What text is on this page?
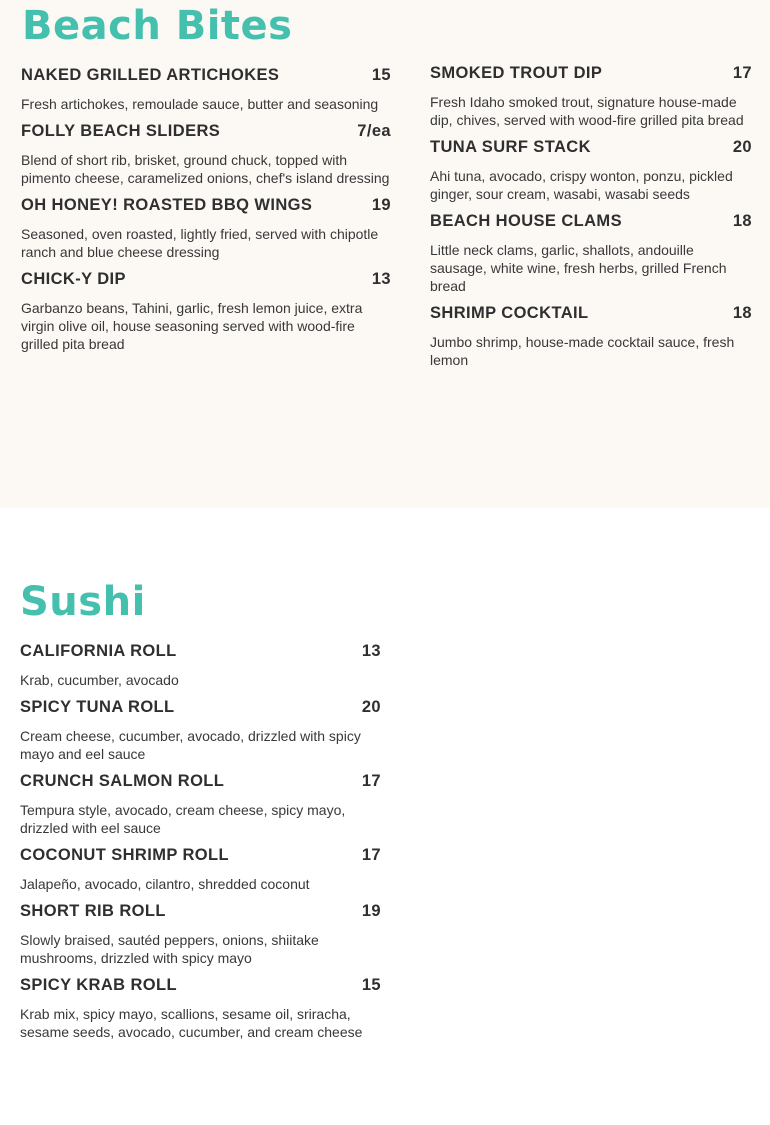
Beach Bites
NAKED GRILLED ARTICHOKES	15
Fresh artichokes, remoulade sauce, butter and seasoning
FOLLY BEACH SLIDERS	7/ea
Blend of short rib, brisket, ground chuck, topped with pimento cheese, caramelized onions, chef's island dressing
OH HONEY! ROASTED BBQ WINGS	19
Seasoned, oven roasted, lightly fried, served with chipotle ranch and blue cheese dressing
CHICK-Y DIP	13
Garbanzo beans, Tahini, garlic, fresh lemon juice, extra virgin olive oil, house seasoning served with wood-fire grilled pita bread
SMOKED TROUT DIP	17
Fresh Idaho smoked trout, signature house-made dip, chives, served with wood-fire grilled pita bread
TUNA SURF STACK	20
Ahi tuna, avocado, crispy wonton, ponzu, pickled ginger, sour cream, wasabi, wasabi seeds
BEACH HOUSE CLAMS	18
Little neck clams, garlic, shallots, andouille sausage, white wine, fresh herbs, grilled French bread
SHRIMP COCKTAIL	18
Jumbo shrimp, house-made cocktail sauce, fresh lemon
Sushi
CALIFORNIA ROLL	13
Krab, cucumber, avocado
SPICY TUNA ROLL	20
Cream cheese, cucumber, avocado, drizzled with spicy mayo and eel sauce
CRUNCH SALMON ROLL	17
Tempura style, avocado, cream cheese, spicy mayo, drizzled with eel sauce
COCONUT SHRIMP ROLL	17
Jalapeño, avocado, cilantro, shredded coconut
SHORT RIB ROLL	19
Slowly braised, sautéd peppers, onions, shiitake mushrooms, drizzled with spicy mayo
SPICY KRAB ROLL	15
Krab mix, spicy mayo, scallions, sesame oil, sriracha, sesame seeds, avocado, cucumber, and cream cheese
